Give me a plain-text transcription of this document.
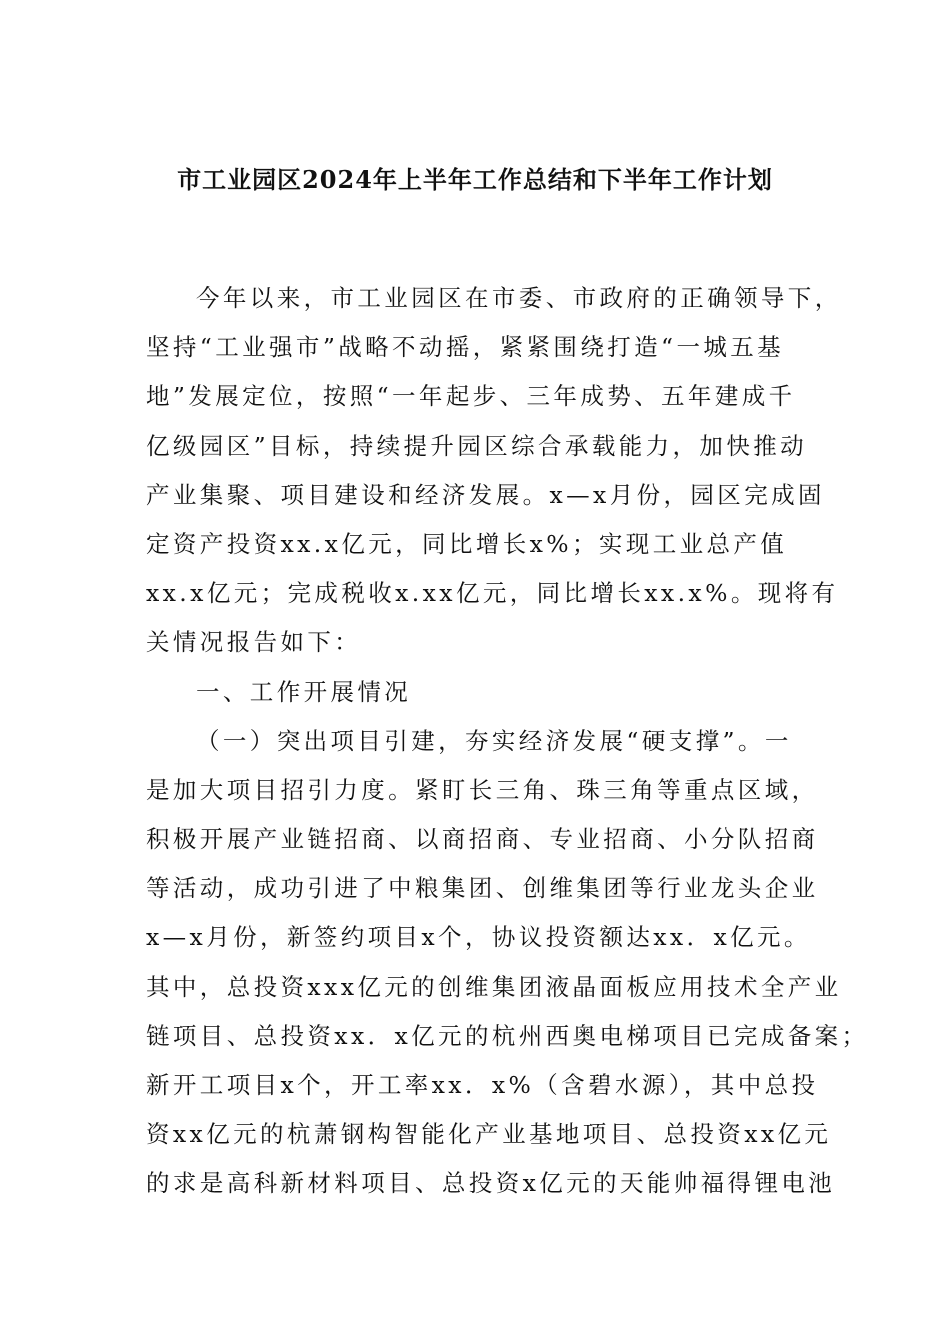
市工业园区2024年上半年工作总结和下半年工作计划
今年以来，市工业园区在市委、市政府的正确领导下，
坚持“工业强市”战略不动摇，紧紧围绕打造“一城五基
地”发展定位，按照“一年起步、三年成势、五年建成千
亿级园区”目标，持续提升园区综合承载能力，加快推动
产业集聚、项目建设和经济发展。x—x月份，园区完成固
定资产投资xx.x亿元，同比增长x%；实现工业总产值
xx.x亿元；完成税收x.xx亿元，同比增长xx.x%。现将有
关情况报告如下：
一、工作开展情况
（一）突出项目引建，夯实经济发展“硬支撑”。一
是加大项目招引力度。紧盯长三角、珠三角等重点区域，
积极开展产业链招商、以商招商、专业招商、小分队招商
等活动，成功引进了中粮集团、创维集团等行业龙头企业
x—x月份，新签约项目x个，协议投资额达xx．x亿元。
其中，总投资xxx亿元的创维集团液晶面板应用技术全产业
链项目、总投资xx．x亿元的杭州西奥电梯项目已完成备案；
新开工项目x个，开工率xx．x%（含碧水源），其中总投
资xx亿元的杭萧钢构智能化产业基地项目、总投资xx亿元
的求是高科新材料项目、总投资x亿元的天能帅福得锂电池
